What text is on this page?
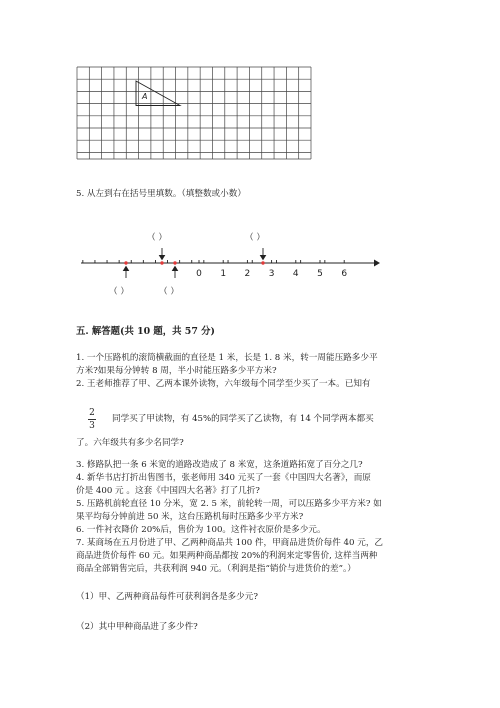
A
5. 从左到右在括号里填数。（填整数或小数）
0 1 2 3 4 5 6
（ ）	（ ）
（ ）	（ ）
五. 解答题(共 10 题，共 57 分)
1. 一个压路机的滚筒横截面的直径是 1 米，长是 1. 8 米，转一周能压路多少平
方米?如果每分钟转 8 周，半小时能压路多少平方米?
2. 王老师推荐了甲、乙两本课外读物，六年级每个同学至少买了一本。已知有
2
3
同学买了甲读物，有 45%的同学买了乙读物，有 14 个同学两本都买
了。六年级共有多少名同学?
3. 修路队把一条 6 米宽的道路改造成了 8 米宽，这条道路拓宽了百分之几?
4. 新华书店打折出售图书，张老师用 340 元买了一套《中国四大名著》，而原
价是 400 元 。这套《中国四大名著》打了几折?
5. 压路机前轮直径 10 分米，宽 2. 5 米，前轮转一周，可以压路多少平方米? 如
果平均每分钟前进 50 米，这台压路机每时压路多少平方米?
6. 一件衬衣降价 20%后，售价为 100。这件衬衣原价是多少元。
7. 某商场在五月份进了甲、乙两种商品共 100 件，甲商品进货价每件 40 元，乙
商品进货价每件 60 元。如果两种商品都按 20%的利润来定零售价, 这样当两种
商品全部销售完后，共获利润 940 元。（利润是指“销价与进货价的差”。）
（1）甲、乙两种商品每件可获利润各是多少元?
（2）其中甲种商品进了多少件?
